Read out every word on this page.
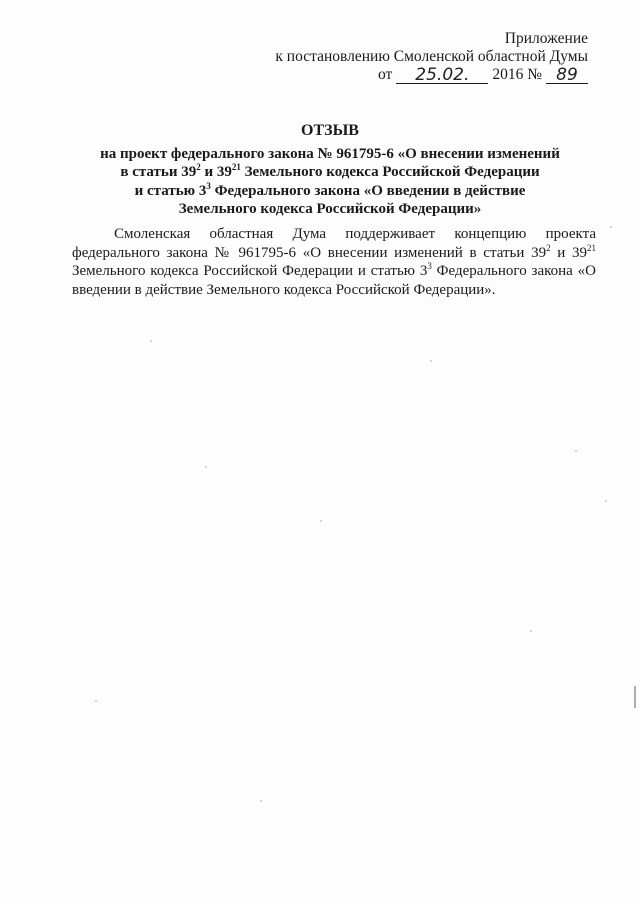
Приложение
к постановлению Смоленской областной Думы
от	25.02.	2016 № 89
ОТЗЫВ
на проект федерального закона № 961795-6 «О внесении изменений
в статьи $39^2$ и $39^{21}$ Земельного кодекса Российской Федерации
и статью $3^3$ Федерального закона «О введении в действие
Земельного кодекса Российской Федерации»
Смоленская областная Дума поддерживает концепцию проекта федерального закона № 961795-6 «О внесении изменений в статьи $39^2$ и $39^{21}$ Земельного кодекса Российской Федерации и статью $3^3$ Федерального закона «О введении в действие Земельного кодекса Российской Федерации».
